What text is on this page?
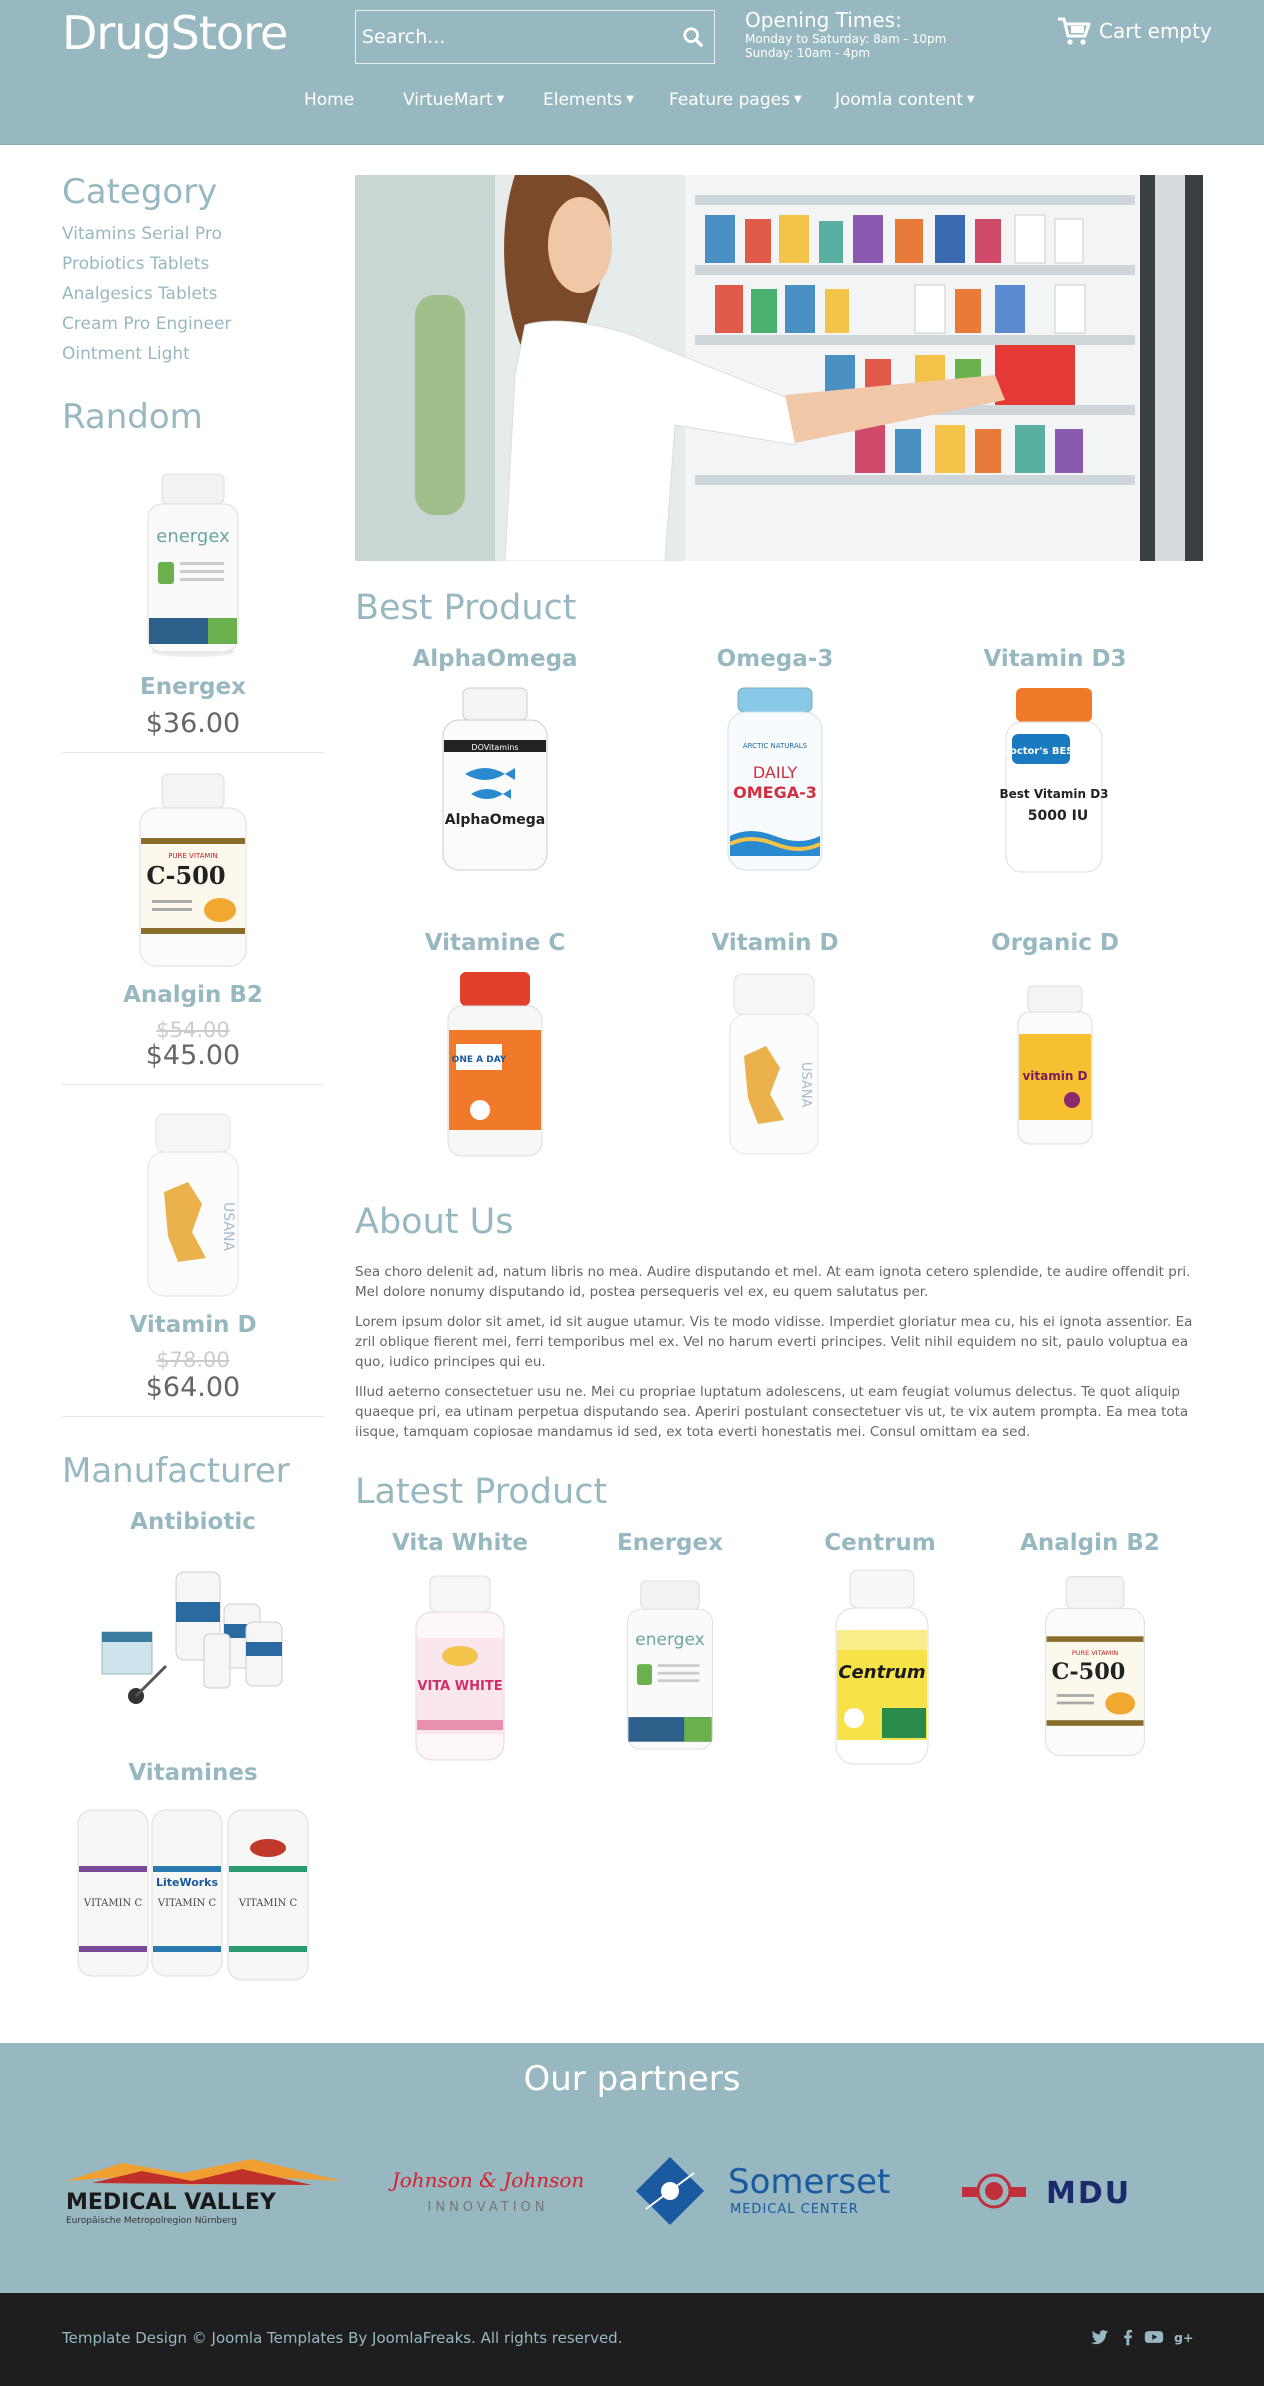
DrugStore
Search...	Opening Times:
Monday to Saturday: 8am - 10pm
Sunday: 10am - 4pm
Cart empty
Home	VirtueMart ▼ Elements ▼ Feature pages ▼ Joomla content ▼
Category
Vitamins Serial Pro
Probiotics Tablets
Analgesics Tablets
Cream Pro Engineer
Ointment Light
Random
energex
Energex
$36.00
PURE VITAMIN
C-500
Analgin B2
$54.00
$45.00
USANA
Vitamin D
$78.00
$64.00
Manufacturer
Antibiotic
Vitamines
VITAMIN C
LiteWorks
VITAMIN C VITAMIN C
Best Product
AlphaOmega
DOVitamins
AlphaOmega
Omega-3
ARCTIC NATURALS
DAILY
OMEGA-3
Vitamin D3
Doctor's BEST
Best Vitamin D3
5000 IU
Vitamine C
ONE A DAY
Vitamin D
USANA
Organic D
vitamin D
About Us
Sea choro delenit ad, natum libris no mea. Audire disputando et mel. At eam ignota cetero splendide, te audire offendit pri. Mel dolore nonumy disputando id, postea persequeris vel ex, eu quem salutatus per.
Lorem ipsum dolor sit amet, id sit augue utamur. Vis te modo vidisse. Imperdiet gloriatur mea cu, his ei ignota assentior. Ea zril oblique fierent mei, ferri temporibus mel ex. Vel no harum everti principes. Velit nihil equidem no sit, paulo voluptua ea quo, iudico principes qui eu.
Illud aeterno consectetuer usu ne. Mei cu propriae luptatum adolescens, ut eam feugiat volumus delectus. Te quot aliquip quaeque pri, ea utinam perpetua disputando sea. Aperiri postulant consectetuer vis ut, te vix autem prompta. Ea mea tota iisque, tamquam copiosae mandamus id sed, ex tota everti honestatis mei. Consul omittam ea sed.
Latest Product
Vita White
VITA WHITE
Energex
energex
Centrum
Centrum
Analgin B2
PURE VITAMIN
C-500
Our partners
MEDICAL VALLEY
Europäische Metropolregion Nürnberg
Johnson & Johnson
INNOVATION
Somerset
MEDICAL CENTER	MDU
Template Design © Joomla Templates By JoomlaFreaks. All rights reserved.	g+
